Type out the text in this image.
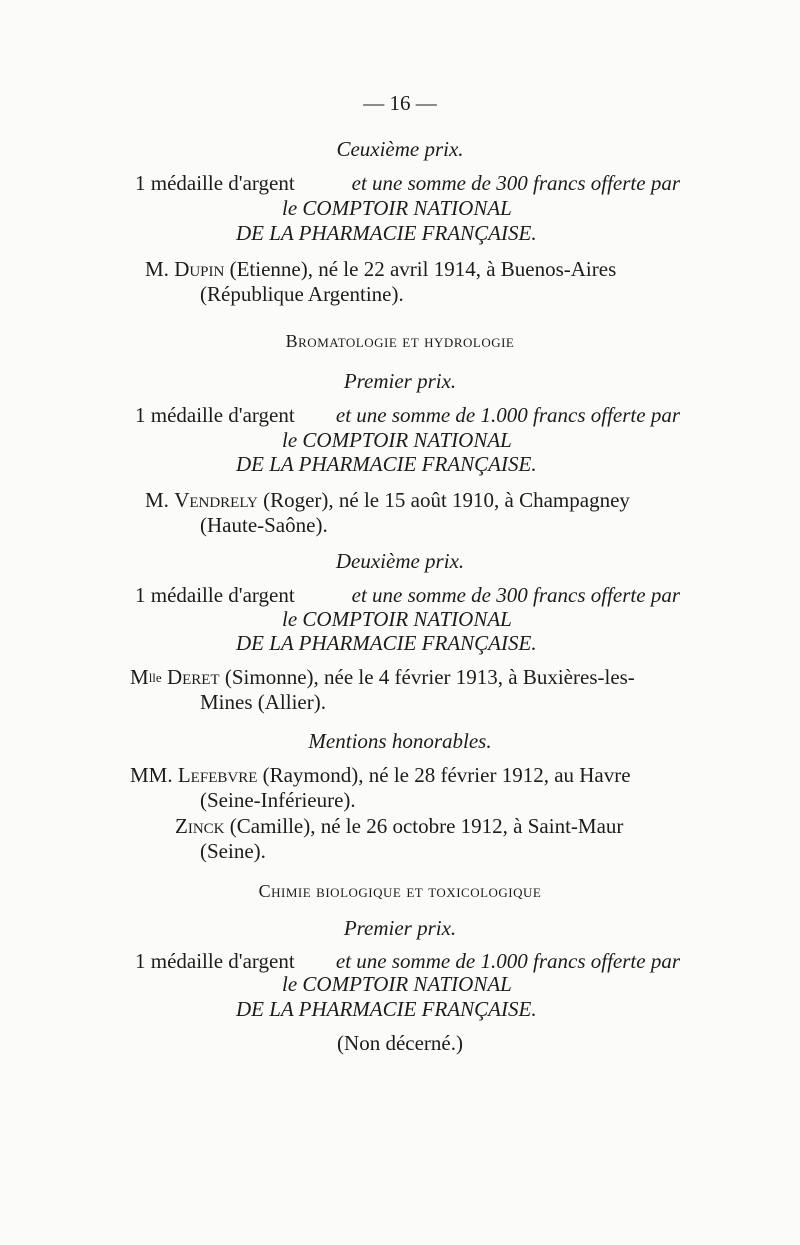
— 16 —
Ceuxième prix.
1 médaille d'argent	et une somme de 300 francs offerte par
le COMPTOIR NATIONAL
DE LA PHARMACIE FRANÇAISE.
M. Dupin (Etienne), né le 22 avril 1914, à Buenos-Aires
(République Argentine).
Bromatologie et hydrologie
Premier prix.
1 médaille d'argent et une somme de 1.000 francs offerte par
le COMPTOIR NATIONAL
DE LA PHARMACIE FRANÇAISE.
M. Vendrely (Roger), né le 15 août 1910, à Champagney
(Haute-Saône).
Deuxième prix.
1 médaille d'argent	et une somme de 300 francs offerte par
le COMPTOIR NATIONAL
DE LA PHARMACIE FRANÇAISE.
$M^{lle}$ Deret (Simonne), née le 4 février 1913, à Buxières-les-
Mines (Allier).
Mentions honorables.
MM. Lefebvre (Raymond), né le 28 février 1912, au Havre
(Seine-Inférieure).
Zinck (Camille), né le 26 octobre 1912, à Saint-Maur
(Seine).
Chimie biologique et toxicologique
Premier prix.
1 médaille d'argent et une somme de 1.000 francs offerte par
le COMPTOIR NATIONAL
DE LA PHARMACIE FRANÇAISE.
(Non décerné.)
